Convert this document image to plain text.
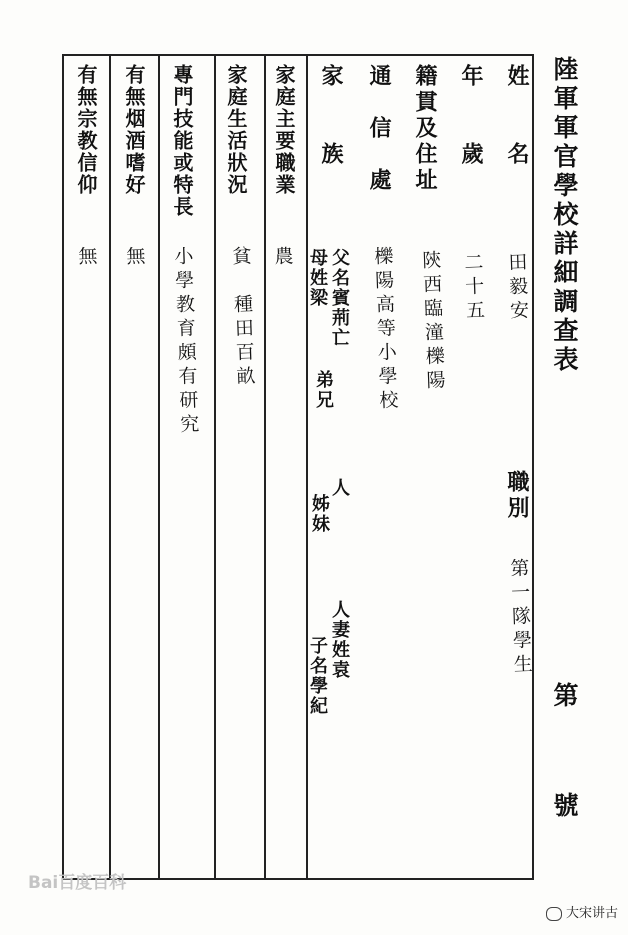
陸軍軍官學校詳細調查表
第
號
姓　　名
田毅安
職別
第一隊學生
年　　歲
二十五
籍貫及住址
陝西臨潼櫟陽
通　信　處
櫟陽高等小學校
家　　族
父名賓荊亡
母姓梁
弟兄
人
姊妹
人
妻姓袁
子名學紀
家庭主要職業
農
家庭生活狀況
貧　種田百畝
專門技能或特長
小學教育頗有研究
有無烟酒嗜好
無
有無宗教信仰
無
Bai百度百科
大宋讲古
